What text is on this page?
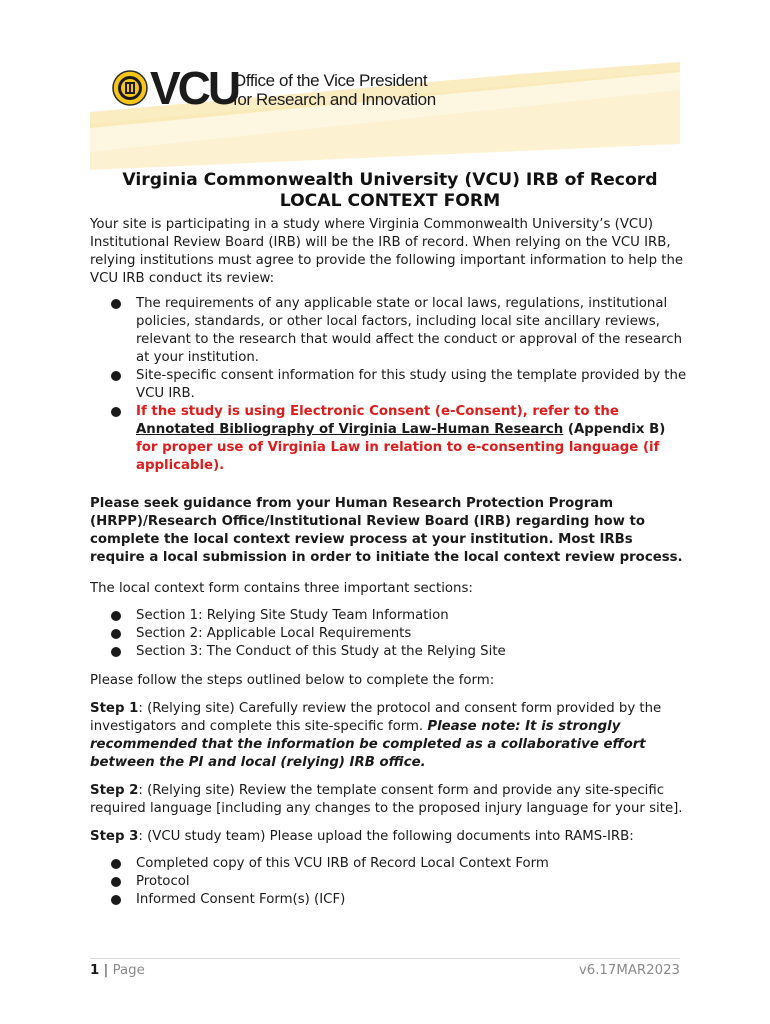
VCU
Office of the Vice President
for Research and Innovation
Virginia Commonwealth University (VCU) IRB of Record
LOCAL CONTEXT FORM

Your site is participating in a study where Virginia Commonwealth University’s (VCU) Institutional Review Board (IRB) will be the IRB of record. When relying on the VCU IRB, relying institutions must agree to provide the following important information to help the VCU IRB conduct its review:

The requirements of any applicable state or local laws, regulations, institutional policies, standards, or other local factors, including local site ancillary reviews, relevant to the research that would affect the conduct or approval of the research at your institution.
Site-specific consent information for this study using the template provided by the VCU IRB.
If the study is using Electronic Consent (e-Consent), refer to the Annotated Bibliography of Virginia Law-Human Research (Appendix B) for proper use of Virginia Law in relation to e-consenting language (if applicable).

Please seek guidance from your Human Research Protection Program (HRPP)/Research Office/Institutional Review Board (IRB) regarding how to complete the local context review process at your institution. Most IRBs require a local submission in order to initiate the local context review process.

The local context form contains three important sections:

Section 1: Relying Site Study Team Information
Section 2: Applicable Local Requirements
Section 3: The Conduct of this Study at the Relying Site

Please follow the steps outlined below to complete the form:

Step 1: (Relying site) Carefully review the protocol and consent form provided by the investigators and complete this site-specific form. Please note: It is strongly recommended that the information be completed as a collaborative effort between the PI and local (relying) IRB office.

Step 2: (Relying site) Review the template consent form and provide any site-specific required language [including any changes to the proposed injury language for your site].

Step 3: (VCU study team) Please upload the following documents into RAMS-IRB:

Completed copy of this VCU IRB of Record Local Context Form
Protocol
Informed Consent Form(s) (ICF)
1 | Page	v6.17MAR2023
